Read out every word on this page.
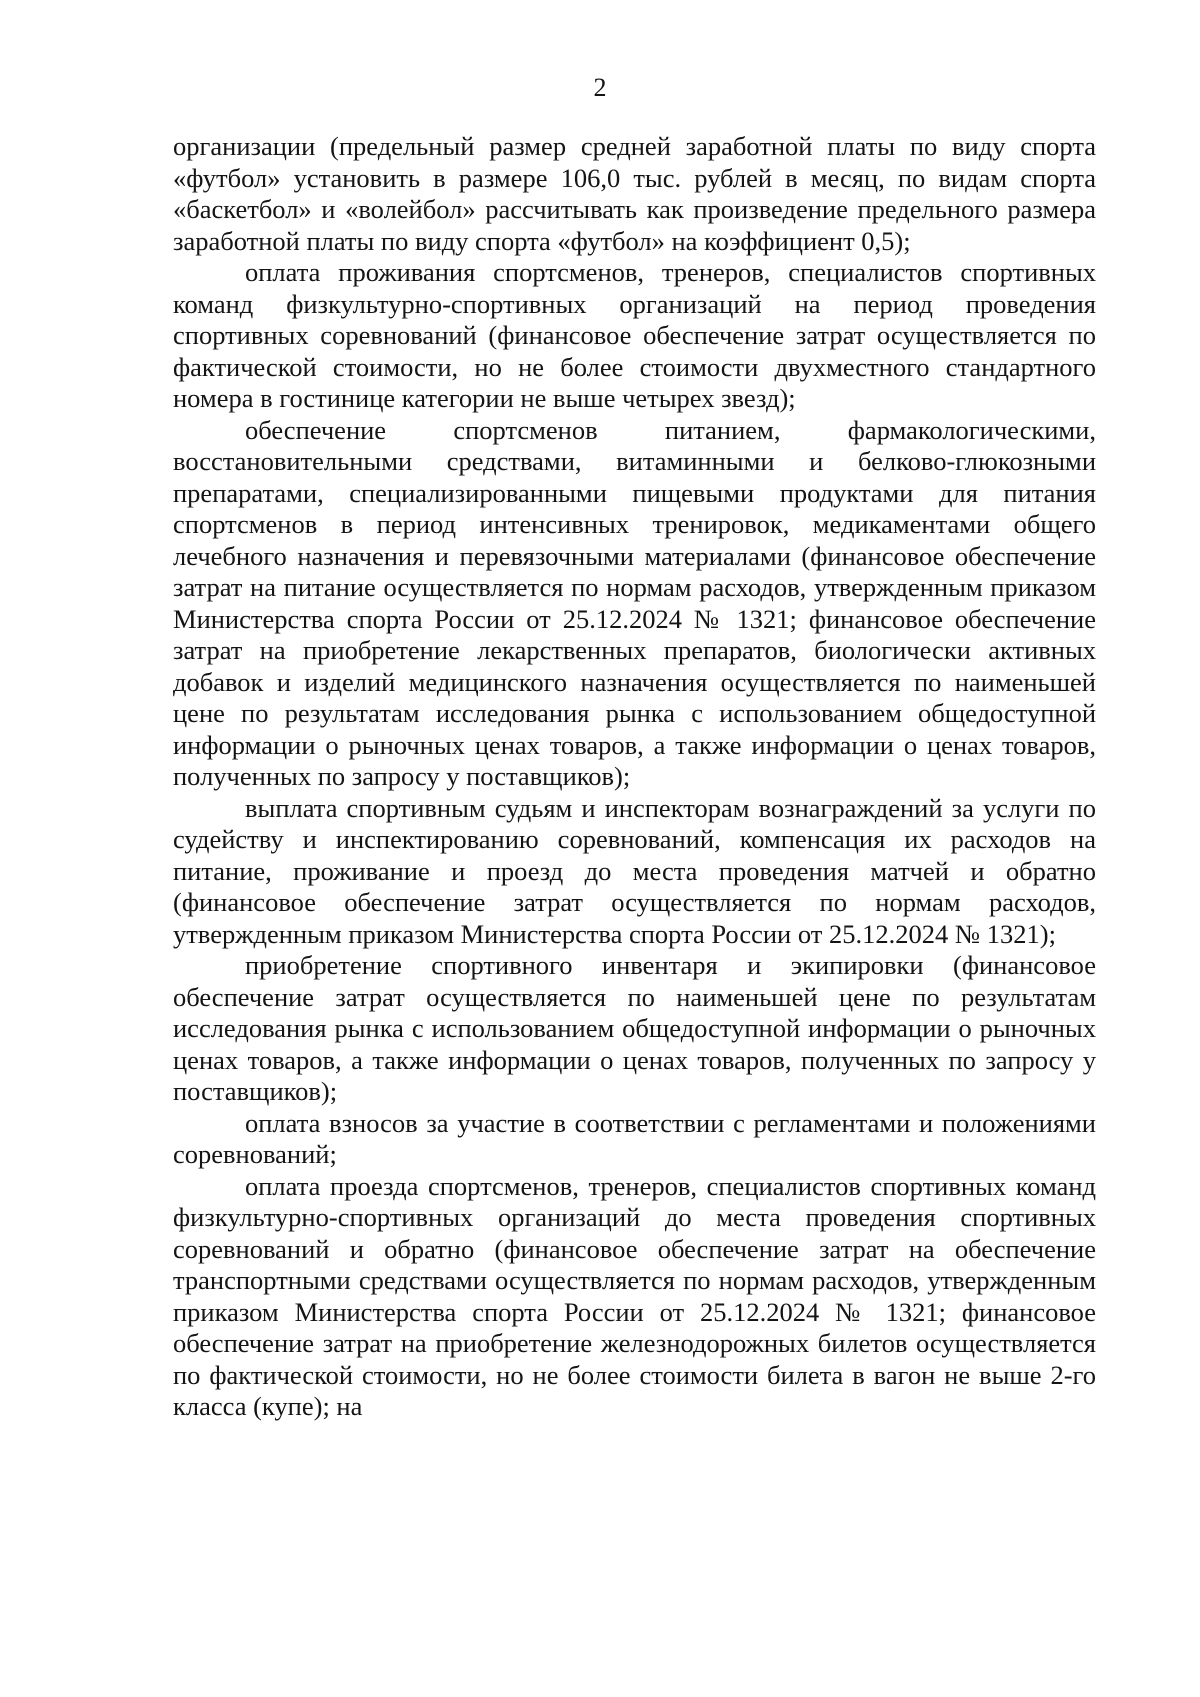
2

организации (предельный размер средней заработной платы по виду спорта «футбол» установить в размере 106,0 тыс. рублей в месяц, по видам спорта «баскетбол» и «волейбол» рассчитывать как произведение предельного размера заработной платы по виду спорта «футбол» на коэффициент 0,5);

оплата проживания спортсменов, тренеров, специалистов спортивных команд физкультурно-спортивных организаций на период проведения спортивных соревнований (финансовое обеспечение затрат осуществляется по фактической стоимости, но не более стоимости двухместного стандартного номера в гостинице категории не выше четырех звезд);

обеспечение спортсменов питанием, фармакологическими, восстановительными средствами, витаминными и белково-глюкозными препаратами, специализированными пищевыми продуктами для питания спортсменов в период интенсивных тренировок, медикаментами общего лечебного назначения и перевязочными материалами (финансовое обеспечение затрат на питание осуществляется по нормам расходов, утвержденным приказом Министерства спорта России от 25.12.2024 № 1321; финансовое обеспечение затрат на приобретение лекарственных препаратов, биологически активных добавок и изделий медицинского назначения осуществляется по наименьшей цене по результатам исследования рынка с использованием общедоступной информации о рыночных ценах товаров, а также информации о ценах товаров, полученных по запросу у поставщиков);

выплата спортивным судьям и инспекторам вознаграждений за услуги по судейству и инспектированию соревнований, компенсация их расходов на питание, проживание и проезд до места проведения матчей и обратно (финансовое обеспечение затрат осуществляется по нормам расходов, утвержденным приказом Министерства спорта России от 25.12.2024 № 1321);

приобретение спортивного инвентаря и экипировки (финансовое обеспечение затрат осуществляется по наименьшей цене по результатам исследования рынка с использованием общедоступной информации о рыночных ценах товаров, а также информации о ценах товаров, полученных по запросу у поставщиков);

оплата взносов за участие в соответствии с регламентами и положениями соревнований;

оплата проезда спортсменов, тренеров, специалистов спортивных команд физкультурно-спортивных организаций до места проведения спортивных соревнований и обратно (финансовое обеспечение затрат на обеспечение транспортными средствами осуществляется по нормам расходов, утвержденным приказом Министерства спорта России от 25.12.2024 № 1321; финансовое обеспечение затрат на приобретение железнодорожных билетов осуществляется по фактической стоимости, но не более стоимости билета в вагон не выше 2-го класса (купе); на
